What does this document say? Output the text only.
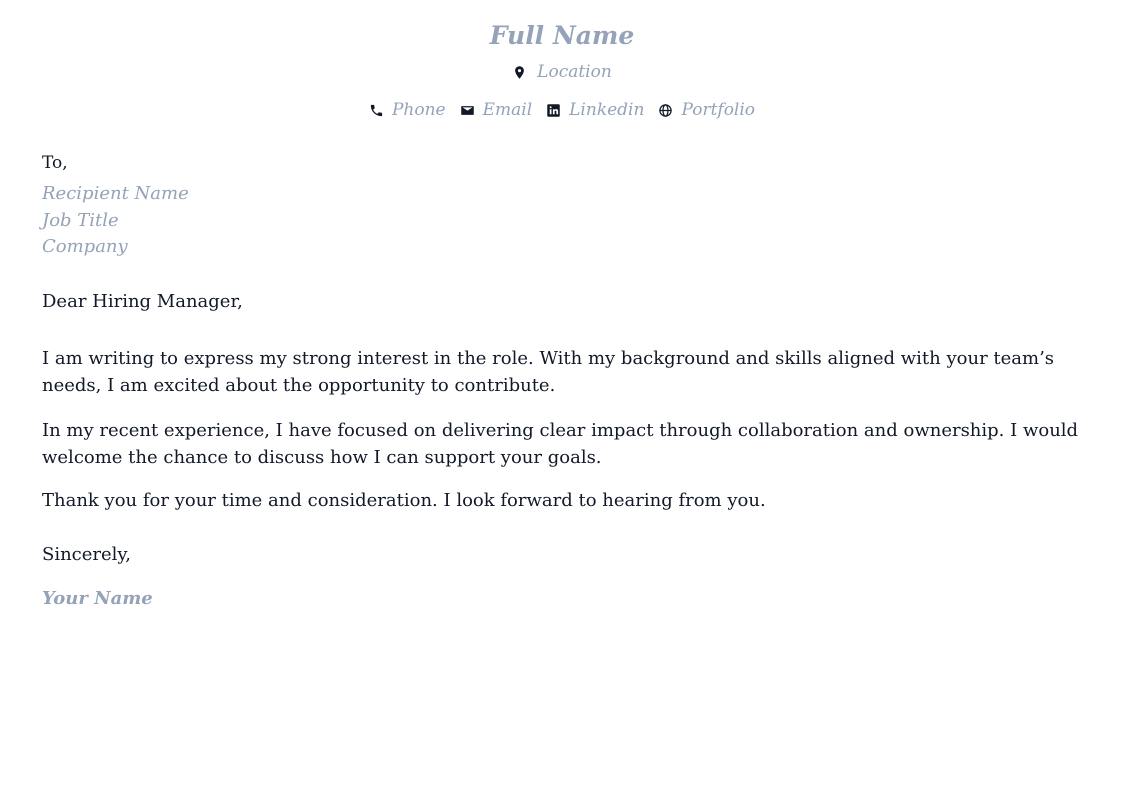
Full Name
Location
Phone Email Linkedin Portfolio

To,

Recipient Name
Job Title
Company

Dear Hiring Manager,

I am writing to express my strong interest in the role. With my background and skills aligned with your team’s needs, I am excited about the opportunity to contribute.

In my recent experience, I have focused on delivering clear impact through collaboration and ownership. I would welcome the chance to discuss how I can support your goals.

Thank you for your time and consideration. I look forward to hearing from you.

Sincerely,

Your Name
